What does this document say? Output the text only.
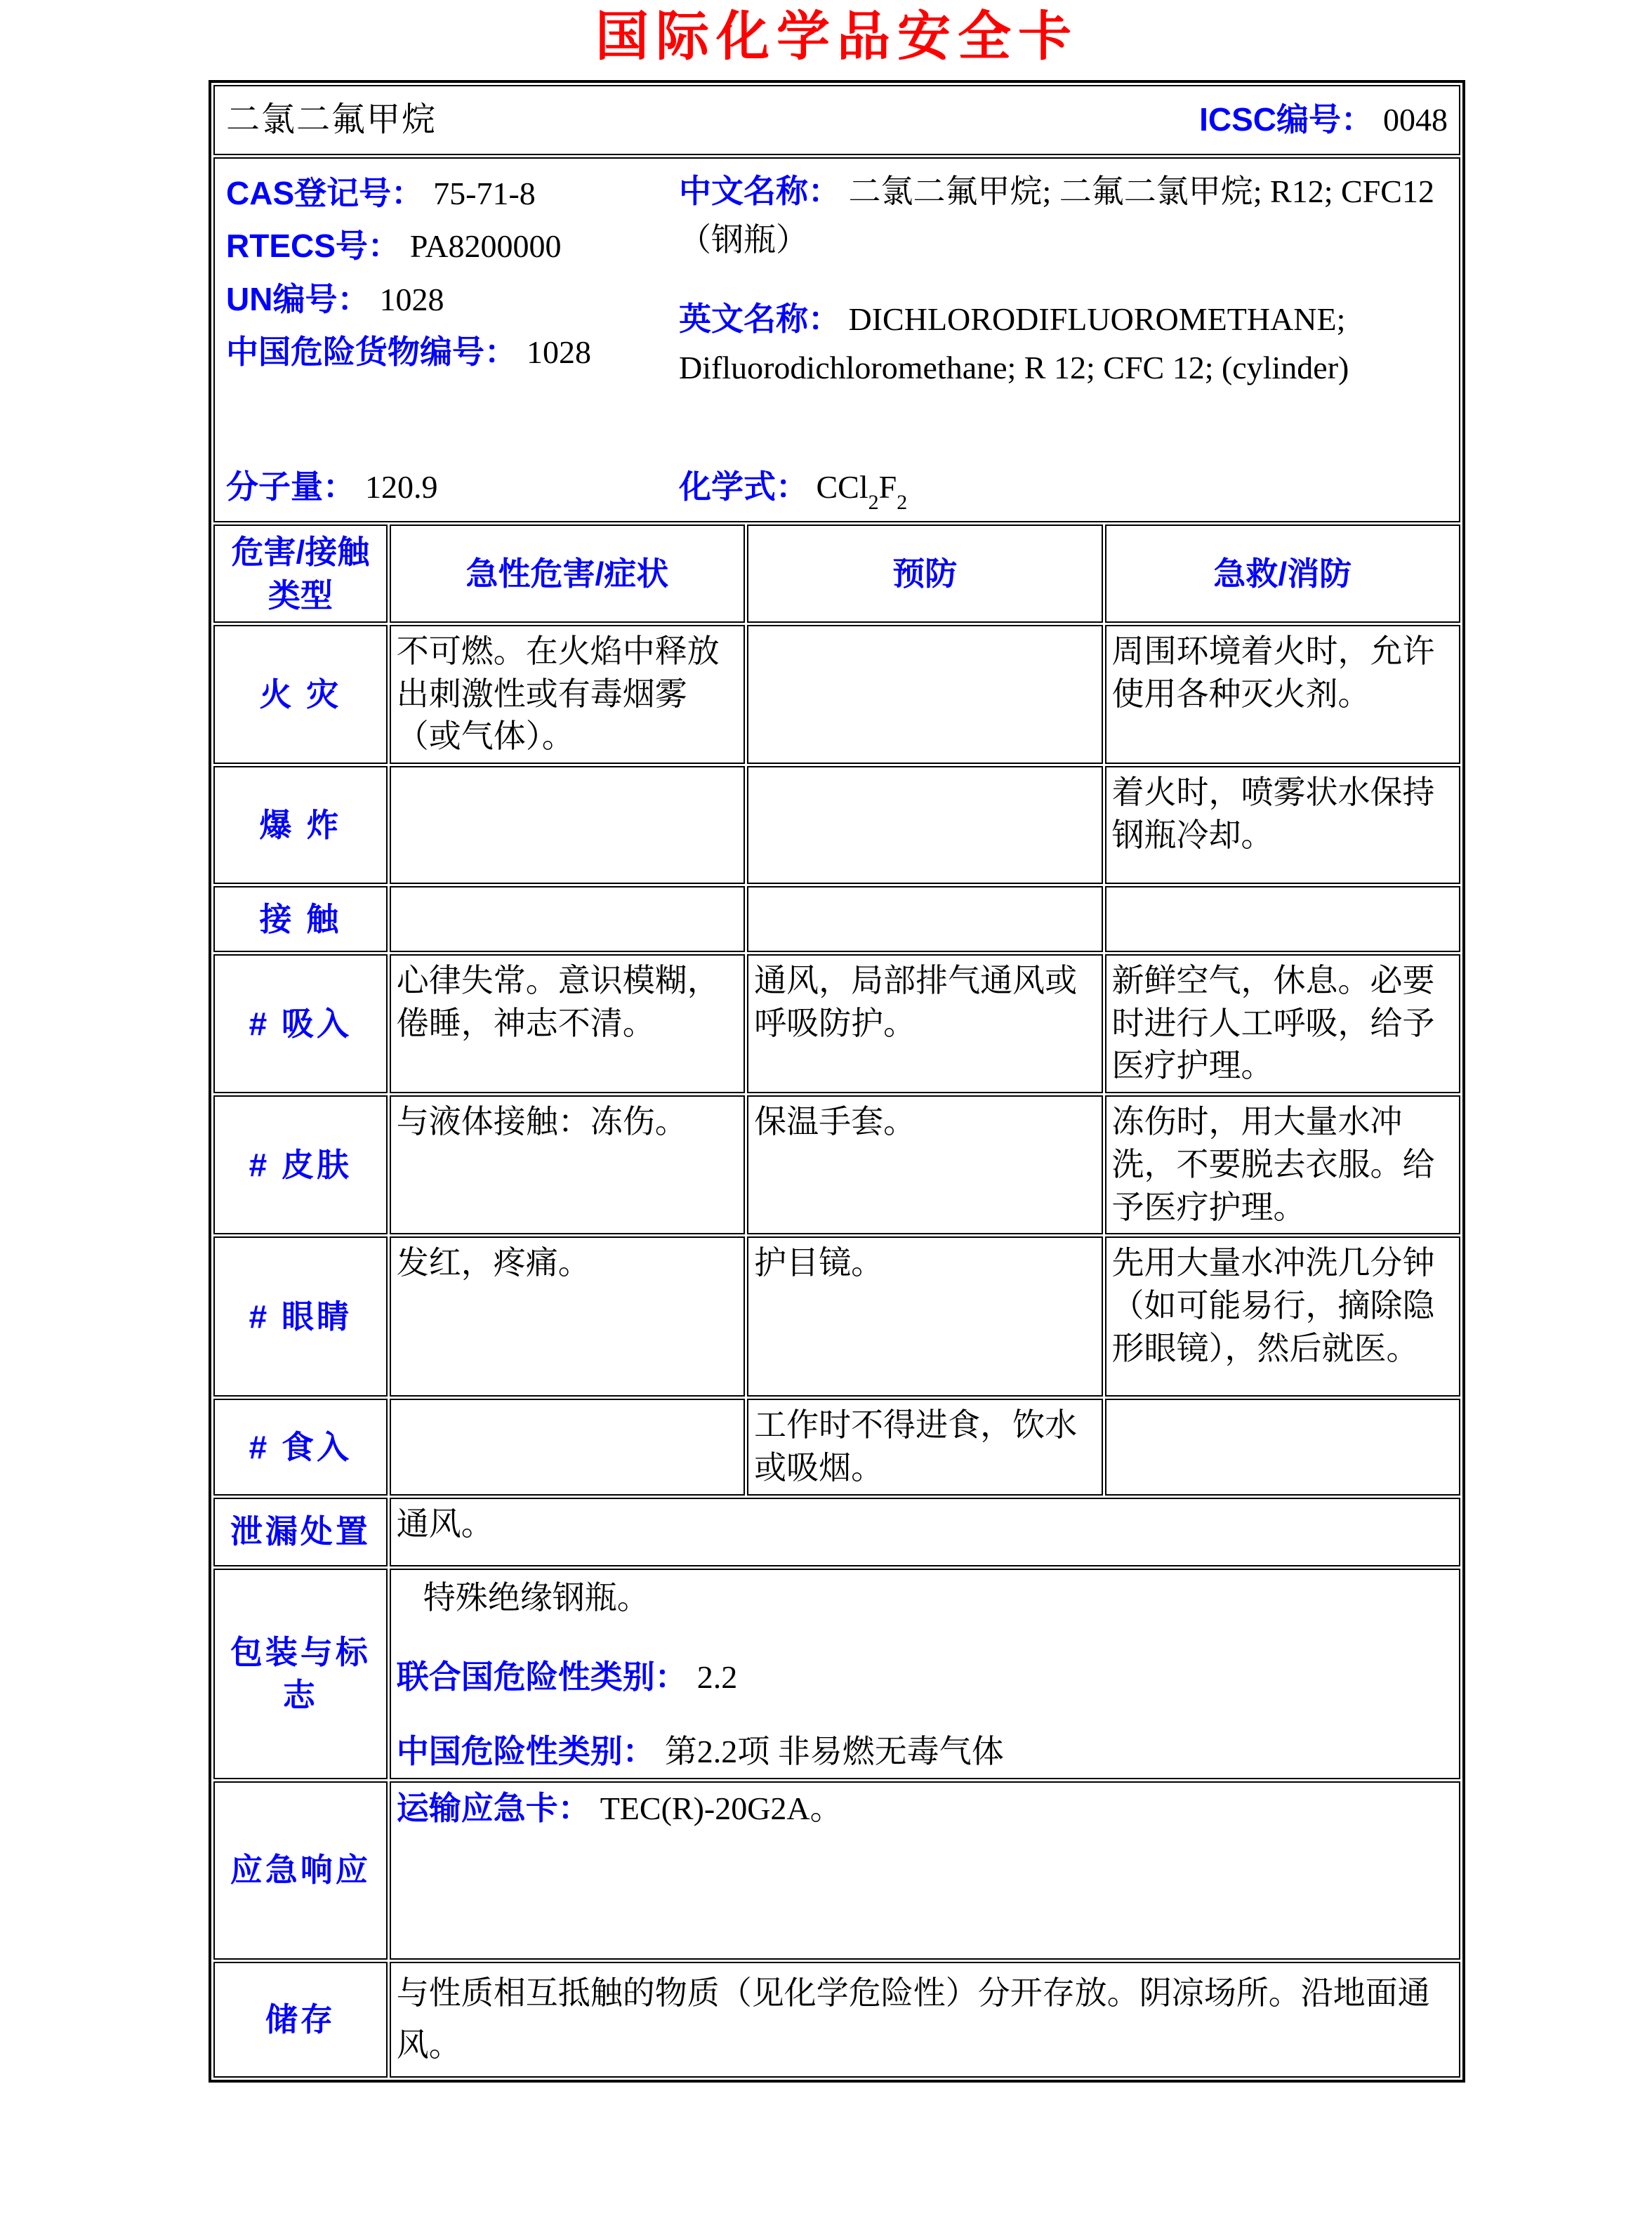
国际化学品安全卡
二氯二氟甲烷 ICSC编号： 0048			

CAS登记号： 75-71-8
RTECS号： PA8200000
UN编号： 1028
中国危险货物编号： 1028
中文名称： 二氯二氟甲烷; 二氟二氯甲烷; R12; CFC12（钢瓶）
英文名称： DICHLORODIFLUOROMETHANE; Difluorodichloromethane; R 12; CFC 12; (cylinder)
分子量： 120.9	化学式： $CCl_2F_2$

危害/接触
类型	急性危害/症状	预防	急救/消防
火 灾	不可燃。在火焰中释放出刺激性或有毒烟雾（或气体）。		周围环境着火时，允许使用各种灭火剂。
爆 炸			着火时，喷雾状水保持钢瓶冷却。
接 触			
# 吸入	心律失常。意识模糊，倦睡，神志不清。	通风，局部排气通风或呼吸防护。	新鲜空气，休息。必要时进行人工呼吸，给予医疗护理。
# 皮肤	与液体接触：冻伤。	保温手套。	冻伤时，用大量水冲洗，不要脱去衣服。给予医疗护理。
# 眼睛	发红，疼痛。	护目镜。	先用大量水冲洗几分钟（如可能易行，摘除隐形眼镜），然后就医。
# 食入		工作时不得进食，饮水或吸烟。	
泄漏处置	通风。		
包装与标志	特殊绝缘钢瓶。
联合国危险性类别： 2.2
中国危险性类别： 第2.2项 非易燃无毒气体		

应急响应	运输应急卡： TEC(R)-20G2A。		
储存	与性质相互抵触的物质（见化学危险性）分开存放。阴凉场所。沿地面通风。		
